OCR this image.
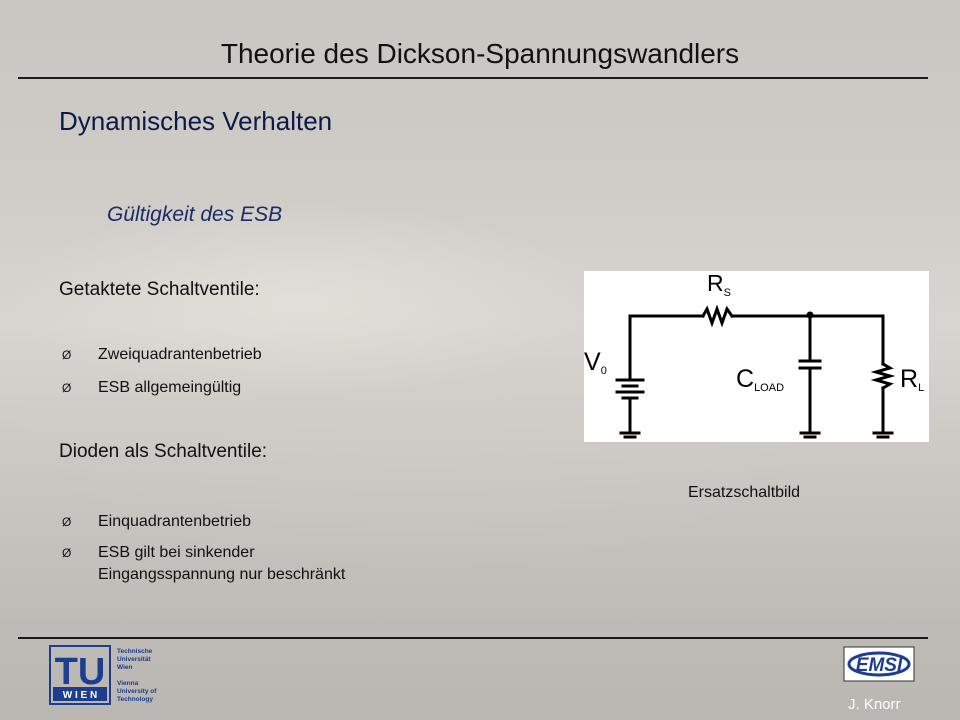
Theorie des Dickson-Spannungswandlers
Dynamisches Verhalten
Gültigkeit des ESB
Getaktete Schaltventile:
Ø	Zweiquadrantenbetrieb
Ø	ESB allgemeingültig
Dioden als Schaltventile:
Ø	Einquadrantenbetrieb
Ø	ESB gilt bei sinkender
Eingangsspannung nur beschränkt
$R_S$
V0	CLOAD	RL
Ersatzschaltbild
TU
W I E N
Technische
Universität
Wien
Vienna
University of
Technology
EMSI
J. Knorr
